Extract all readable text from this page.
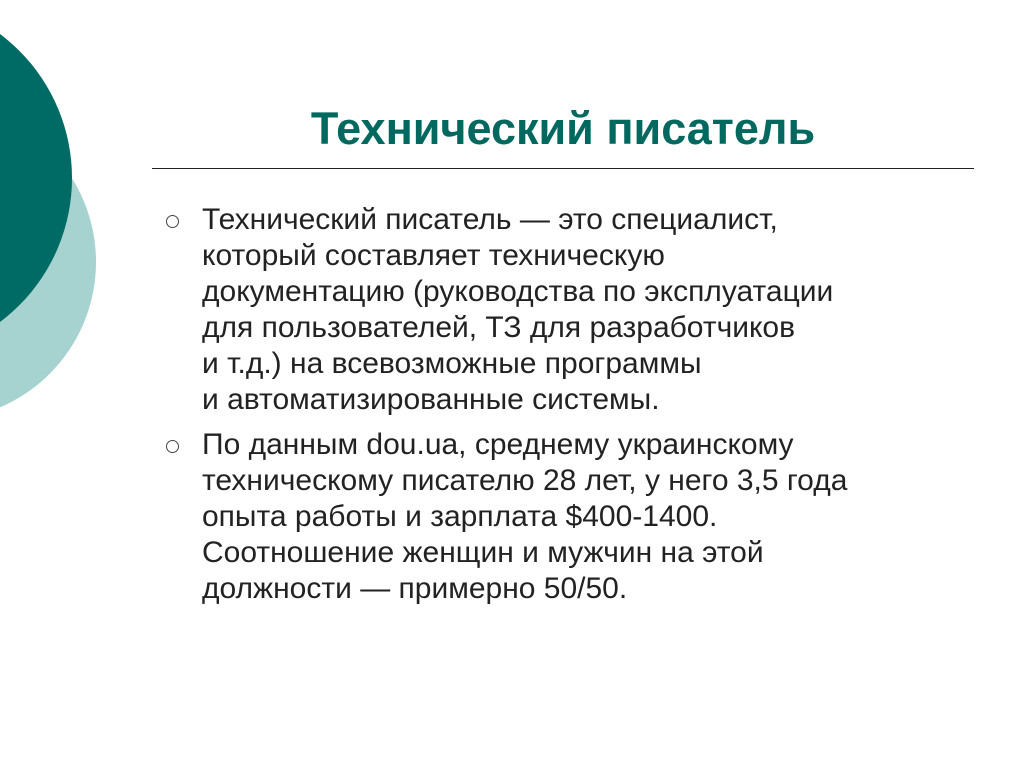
Технический писатель
Технический писатель — это специалист,
который составляет техническую
документацию (руководства по эксплуатации
для пользователей, ТЗ для разработчиков
и т.д.) на всевозможные программы
и автоматизированные системы.
По данным dou.ua, среднему украинскому
техническому писателю 28 лет, у него 3,5 года
опыта работы и зарплата $400-1400.
Соотношение женщин и мужчин на этой
должности — примерно 50/50.
